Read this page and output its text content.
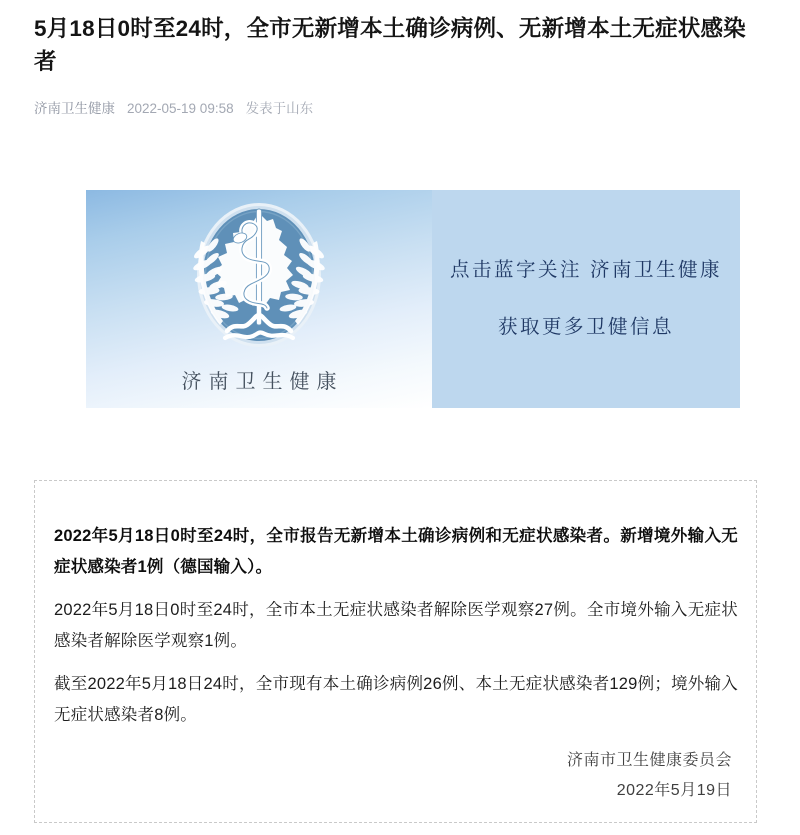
5月18日0时至24时，全市无新增本土确诊病例、无新增本土无症状感染者
济南卫生健康 2022-05-19 09:58 发表于山东
济南卫生健康
点击蓝字关注 济南卫生健康
获取更多卫健信息

2022年5月18日0时至24时，全市报告无新增本土确诊病例和无症状感染者。新增境外输入无症状感染者1例（德国输入）。

2022年5月18日0时至24时，全市本土无症状感染者解除医学观察27例。全市境外输入无症状感染者解除医学观察1例。

截至2022年5月18日24时，全市现有本土确诊病例26例、本土无症状感染者129例；境外输入无症状感染者8例。

济南市卫生健康委员会
2022年5月19日
